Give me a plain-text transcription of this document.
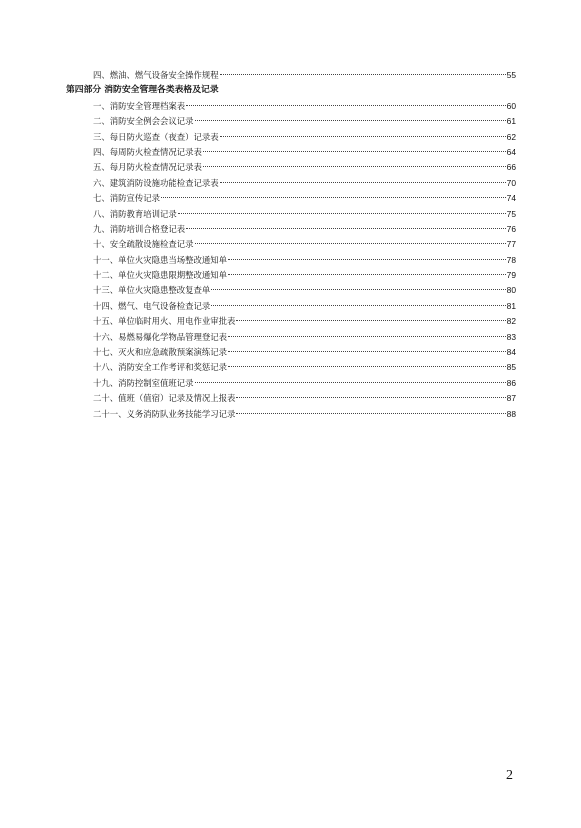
四、燃油、燃气设备安全操作规程	55
第四部分 消防安全管理各类表格及记录
一、消防安全管理档案表	60
二、消防安全例会会议记录	61
三、每日防火巡查（夜查）记录表	62
四、每周防火检查情况记录表	64
五、每月防火检查情况记录表	66
六、建筑消防设施功能检查记录表	70
七、消防宣传记录	74
八、消防教育培训记录	75
九、消防培训合格登记表	76
十、安全疏散设施检查记录	77
十一、单位火灾隐患当场整改通知单	78
十二、单位火灾隐患限期整改通知单	79
十三、单位火灾隐患整改复查单	80
十四、燃气、电气设备检查记录	81
十五、单位临时用火、用电作业审批表	82
十六、易燃易爆化学物品管理登记表	83
十七、灭火和应急疏散预案演练记录	84
十八、消防安全工作考评和奖惩记录	85
十九、消防控制室值班记录	86
二十、值班（值宿）记录及情况上报表	87
二十一、义务消防队业务技能学习记录	88
2
